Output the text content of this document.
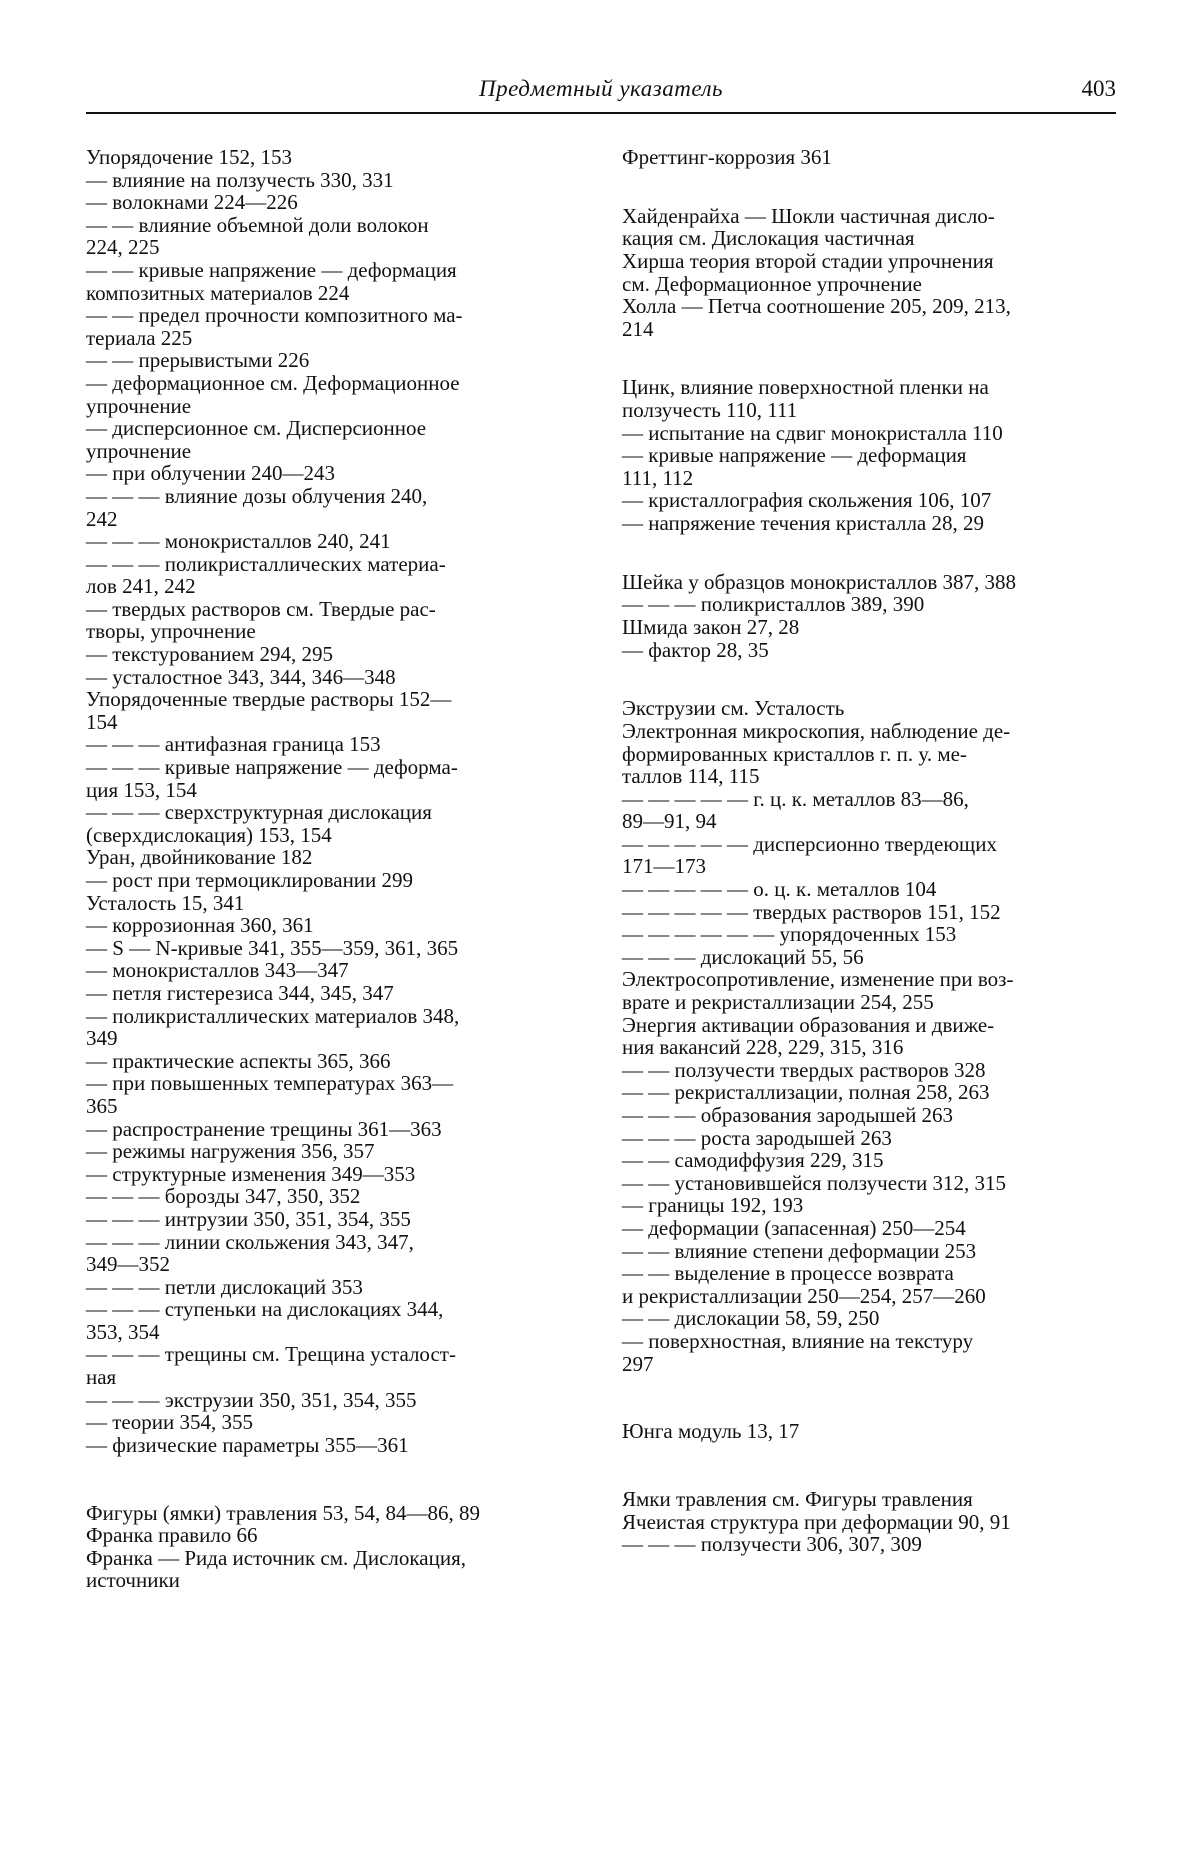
Предметный указатель	403

Упорядочение 152, 153

— влияние на ползучесть 330, 331

— волокнами 224—226

— — влияние объемной доли волокон
224, 225

— — кривые напряжение — деформация
композитных материалов 224

— — предел прочности композитного ма-
териала 225

— — прерывистыми 226

— деформационное см. Деформационное
упрочнение

— дисперсионное см. Дисперсионное
упрочнение

— при облучении 240—243

— — — влияние дозы облучения 240,
242

— — — монокристаллов 240, 241

— — — поликристаллических материа-
лов 241, 242

— твердых растворов см. Твердые рас-
творы, упрочнение

— текстурованием 294, 295

— усталостное 343, 344, 346—348

Упорядоченные твердые растворы 152—
154

— — — антифазная граница 153

— — — кривые напряжение — деформа-
ция 153, 154

— — — сверхструктурная дислокация
(сверхдислокация) 153, 154

Уран, двойникование 182

— рост при термоциклировании 299

Усталость 15, 341

— коррозионная 360, 361

— S — N-кривые 341, 355—359, 361, 365

— монокристаллов 343—347

— петля гистерезиса 344, 345, 347

— поликристаллических материалов 348,
349

— практические аспекты 365, 366

— при повышенных температурах 363—
365

— распространение трещины 361—363

— режимы нагружения 356, 357

— структурные изменения 349—353

— — — борозды 347, 350, 352

— — — интрузии 350, 351, 354, 355

— — — линии скольжения 343, 347,
349—352

— — — петли дислокаций 353

— — — ступеньки на дислокациях 344,
353, 354

— — — трещины см. Трещина усталост-
ная

— — — экструзии 350, 351, 354, 355

— теории 354, 355

— физические параметры 355—361

Фигуры (ямки) травления 53, 54, 84—86, 89

Франка правило 66

Франка — Рида источник см. Дислокация,
источники

Фреттинг-коррозия 361

Хайденрайха — Шокли частичная дисло-
кация см. Дислокация частичная

Хирша теория второй стадии упрочнения
см. Деформационное упрочнение

Холла — Петча соотношение 205, 209, 213,
214

Цинк, влияние поверхностной пленки на
ползучесть 110, 111

— испытание на сдвиг монокристалла 110

— кривые напряжение — деформация
111, 112

— кристаллография скольжения 106, 107

— напряжение течения кристалла 28, 29

Шейка у образцов монокристаллов 387, 388

— — — поликристаллов 389, 390

Шмида закон 27, 28

— фактор 28, 35

Экструзии см. Усталость

Электронная микроскопия, наблюдение де-
формированных кристаллов г. п. у. ме-
таллов 114, 115

— — — — — г. ц. к. металлов 83—86,
89—91, 94

— — — — — дисперсионно твердеющих
171—173

— — — — — о. ц. к. металлов 104

— — — — — твердых растворов 151, 152

— — — — — — упорядоченных 153

— — — дислокаций 55, 56

Электросопротивление, изменение при воз-
врате и рекристаллизации 254, 255

Энергия активации образования и движе-
ния вакансий 228, 229, 315, 316

— — ползучести твердых растворов 328

— — рекристаллизации, полная 258, 263

— — — образования зародышей 263

— — — роста зародышей 263

— — самодиффузия 229, 315

— — установившейся ползучести 312, 315

— границы 192, 193

— деформации (запасенная) 250—254

— — влияние степени деформации 253

— — выделение в процессе возврата
и рекристаллизации 250—254, 257—260

— — дислокации 58, 59, 250

— поверхностная, влияние на текстуру
297

Юнга модуль 13, 17

Ямки травления см. Фигуры травления

Ячеистая структура при деформации 90, 91

— — — ползучести 306, 307, 309
